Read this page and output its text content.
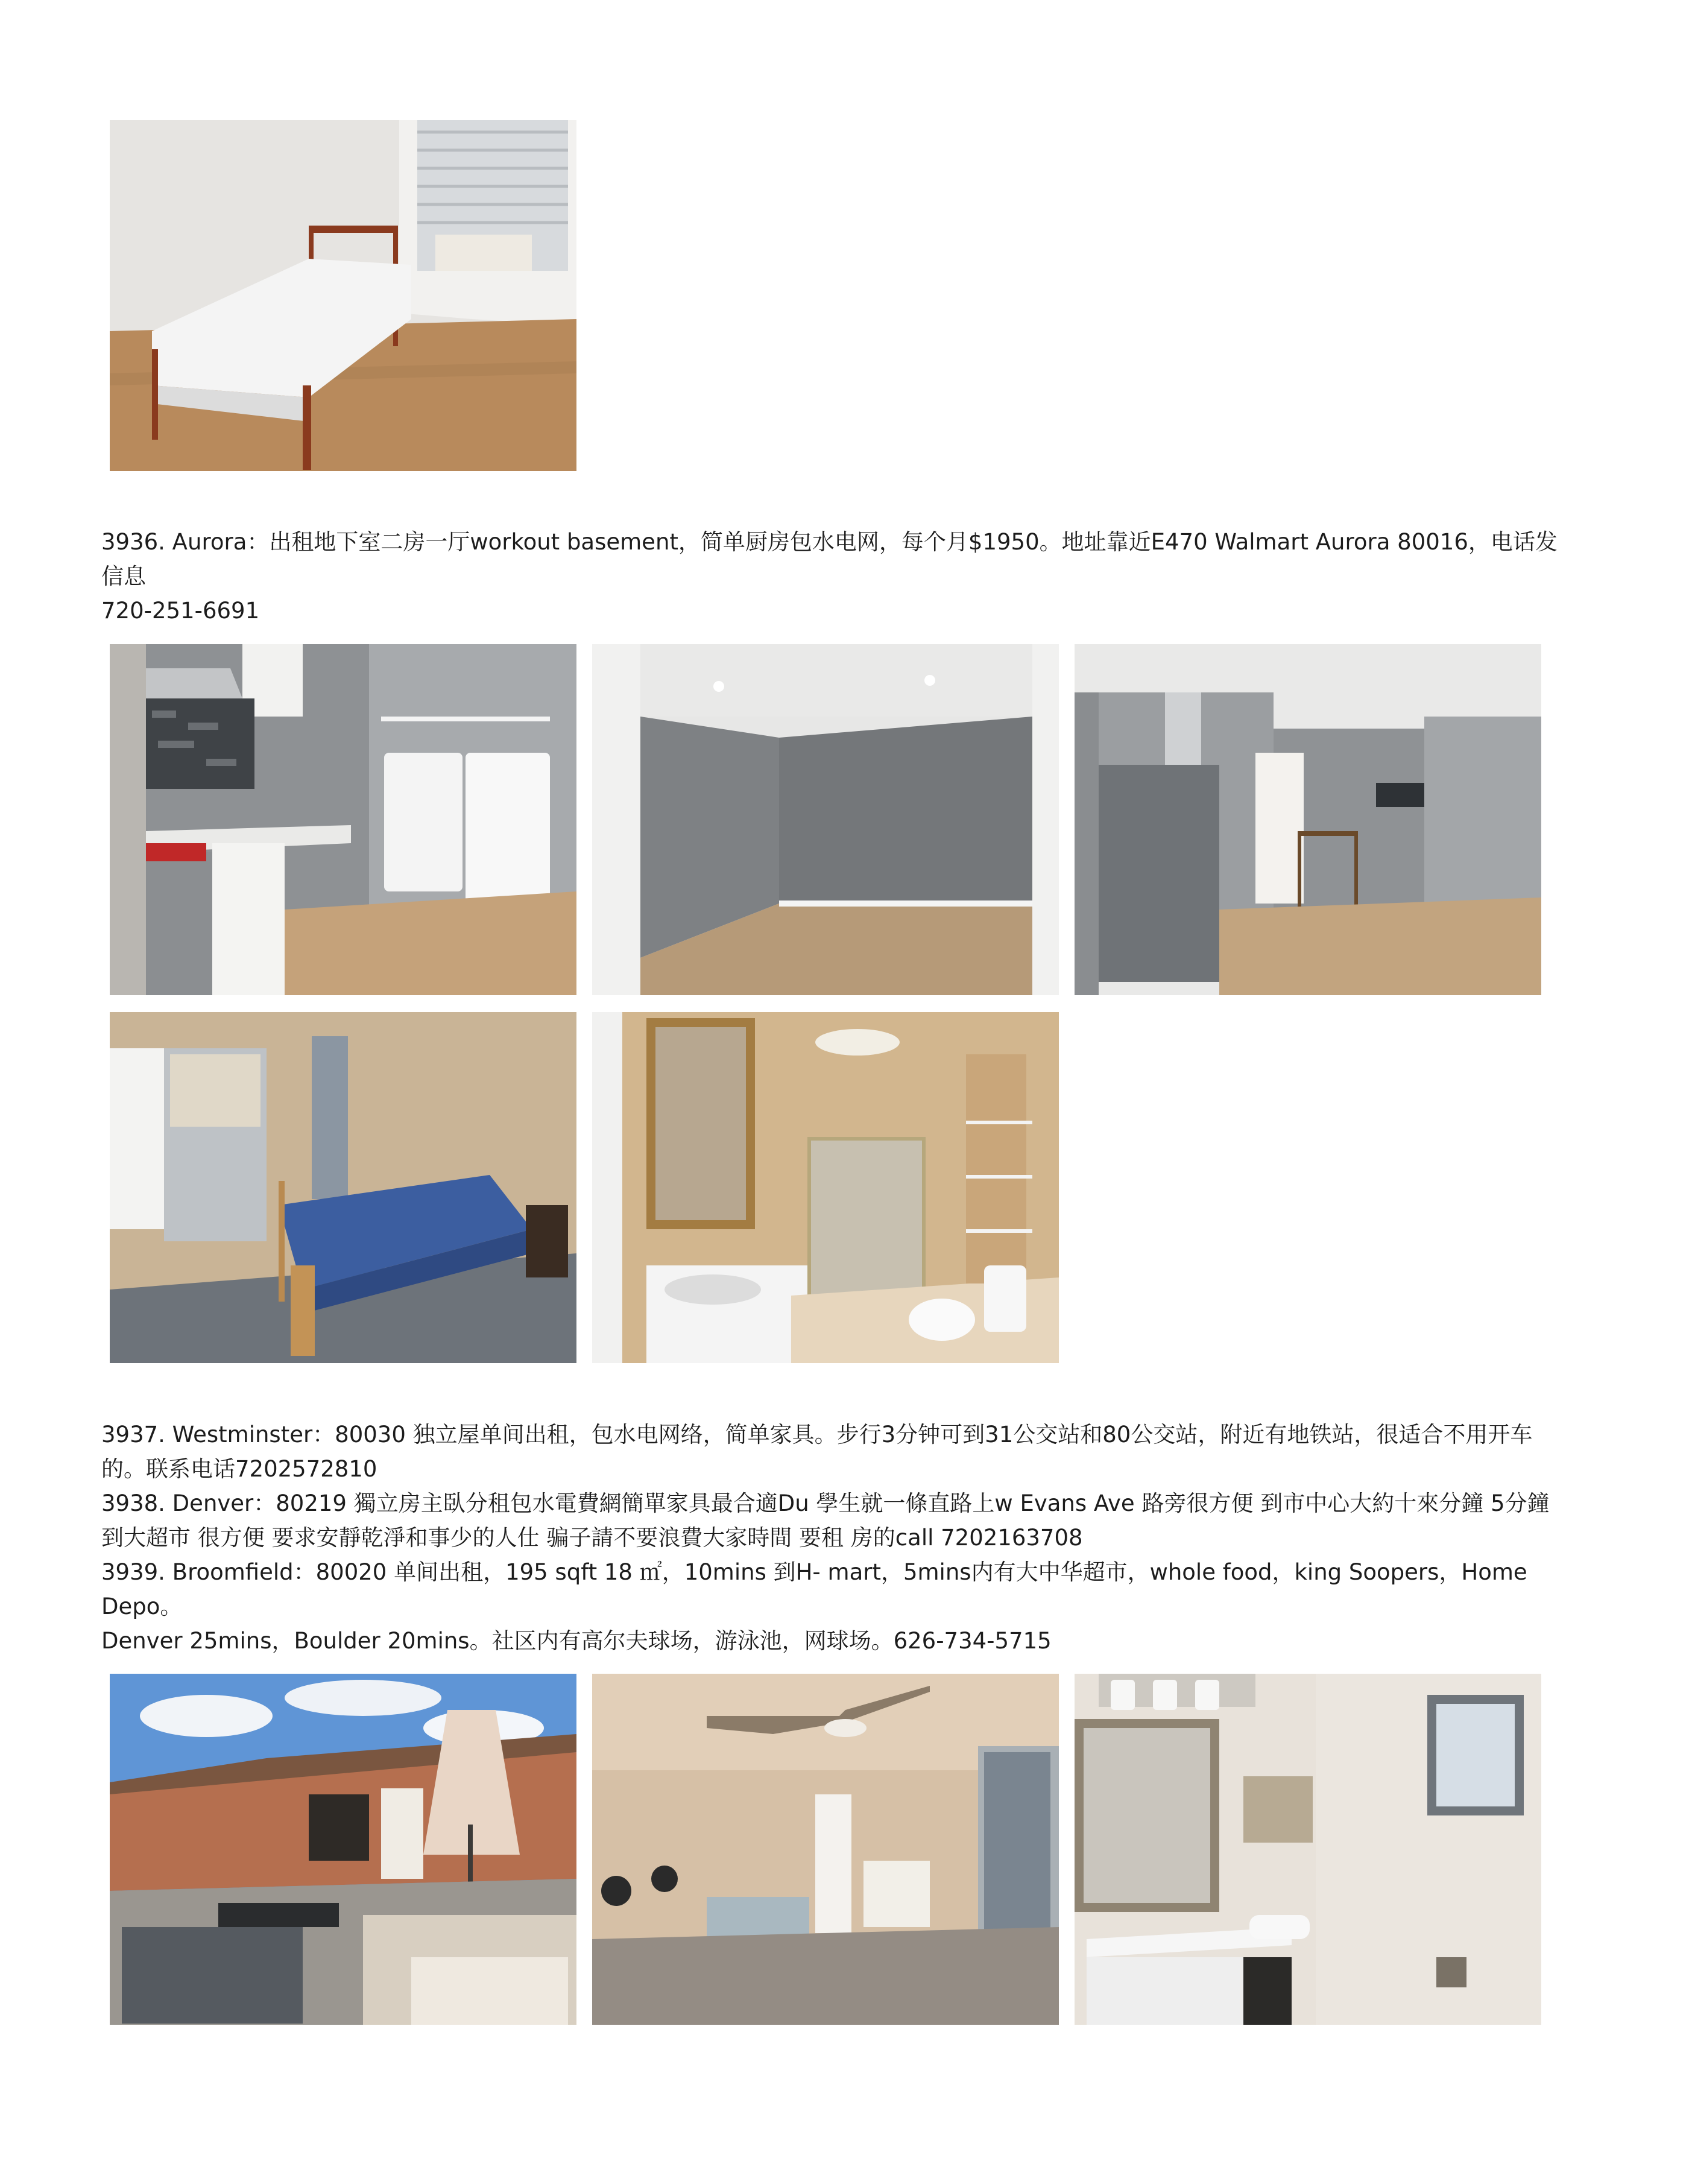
3936. Aurora：出租地下室二房一厅workout basement，简单厨房包水电网，每个月$1950。地址靠近E470 Walmart Aurora 80016，电话发信息

720-251-6691

3937. Westminster：80030 独立屋单间出租，包水电网络，简单家具。步行3分钟可到31公交站和80公交站，附近有地铁站，很适合不用开车

的。联系电话7202572810

3938. Denver：80219 獨立房主臥分租包水電費網簡單家具最合適Du 學生就一條直路上w Evans Ave 路旁很方便 到市中心大約十來分鐘 5分鐘

到大超市 很方便 要求安靜乾淨和事少的人仕 骗子請不要浪費大家時間 要租 房的call 7202163708

3939. Broomfield：80020 单间出租，195 sqft 18 ㎡，10mins 到H- mart，5mins内有大中华超市，whole food，king Soopers，Home Depo。

Denver 25mins，Boulder 20mins。社区内有高尔夫球场，游泳池，网球场。626-734-5715
